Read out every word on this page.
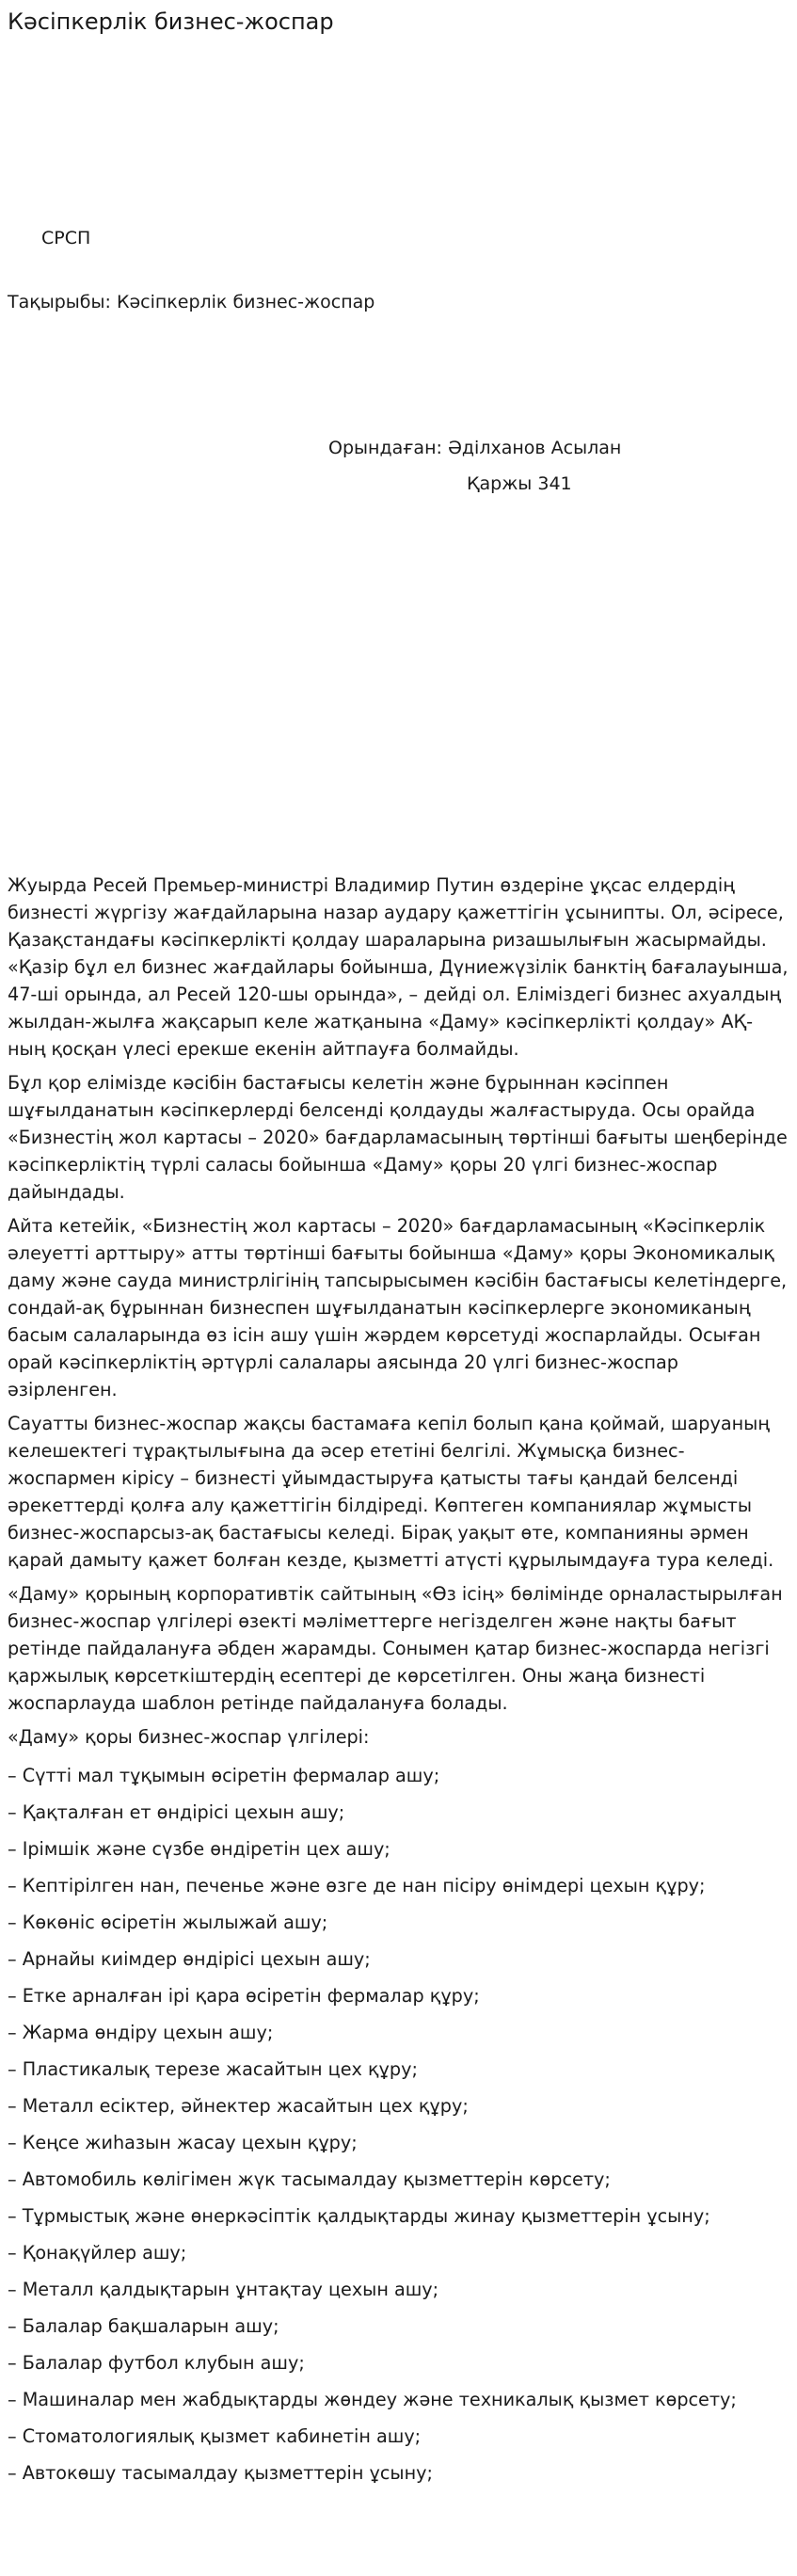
Кәсіпкерлік бизнес-жоспар

СРСП

Тақырыбы: Кәсіпкерлік бизнес-жоспар

Орындаған: Әділханов Асылан

Қаржы 341

Жуырда Ресей Премьер-министрі Владимир Путин өздеріне ұқсас елдердің бизнесті жүргізу жағдайларына назар аудару қажеттігін ұсынипты. Ол, әсіресе, Қазақстандағы кәсіпкерлікті қолдау шараларына ризашылығын жасырмайды. «Қазір бұл ел бизнес жағдайлары бойынша, Дүниежүзілік банктің бағалауынша, 47-ші орында, ал Ресей 120-шы орында», – дейді ол. Еліміздегі бизнес ахуалдың жылдан-жылға жақсарып келе жатқанына «Даму» кәсіпкерлікті қолдау» АҚ-ның қосқан үлесі ерекше екенін айтпауға болмайды.

Бұл қор елімізде кәсібін бастағысы келетін және бұрыннан кәсіппен шұғылданатын кәсіпкерлерді белсенді қолдауды жалғастыруда. Осы орайда «Бизнестің жол картасы – 2020» бағдарламасының төртінші бағыты шеңберінде кәсіпкерліктің түрлі саласы бойынша «Даму» қоры 20 үлгі бизнес-жоспар дайындады.

Айта кетейік, «Бизнестің жол картасы – 2020» бағдарламасының «Кәсіпкерлік әлеуетті арттыру» атты төртінші бағыты бойынша «Даму» қоры Экономикалық даму және сауда министрлігінің тапсырысымен кәсібін бастағысы келетіндерге, сондай-ақ бұрыннан бизнеспен шұғылданатын кәсіпкерлерге экономиканың басым салаларында өз ісін ашу үшін жәрдем көрсетуді жоспарлайды. Осыған орай кәсіпкерліктің әртүрлі салалары аясында 20 үлгі бизнес-жоспар әзірленген.

Сауатты бизнес-жоспар жақсы бастамаға кепіл болып қана қоймай, шаруаның келешектегі тұрақтылығына да әсер ететіні белгілі. Жұмысқа бизнес-жоспармен кірісу – бизнесті ұйымдастыруға қатысты тағы қандай белсенді әрекеттерді қолға алу қажеттігін білдіреді. Көптеген компаниялар жұмысты бизнес-жоспарсыз-ақ бастағысы келеді. Бірақ уақыт өте, компанияны әрмен қарай дамыту қажет болған кезде, қызметті атүсті құрылымдауға тура келеді.

«Даму» қорының корпоративтік сайтының «Өз ісің» бөлімінде орналастырылған бизнес-жоспар үлгілері өзекті мәліметтерге негізделген және нақты бағыт ретінде пайдалануға әбден жарамды. Сонымен қатар бизнес-жоспарда негізгі қаржылық көрсеткіштердің есептері де көрсетілген. Оны жаңа бизнесті жоспарлауда шаблон ретінде пайдалануға болады.

«Даму» қоры бизнес-жоспар үлгілері:

– Сүтті мал тұқымын өсіретін фермалар ашу;
– Қақталған ет өндірісі цехын ашу;
– Ірімшік және сүзбе өндіретін цех ашу;
– Кептірілген нан, печенье және өзге де нан пісіру өнімдері цехын құру;
– Көкөніс өсіретін жылыжай ашу;
– Арнайы киімдер өндірісі цехын ашу;
– Етке арналған ірі қара өсіретін фермалар құру;
– Жарма өндіру цехын ашу;
– Пластикалық терезе жасайтын цех құру;
– Металл есіктер, әйнектер жасайтын цех құру;
– Кеңсе жиһазын жасау цехын құру;
– Автомобиль көлігімен жүк тасымалдау қызметтерін көрсету;
– Тұрмыстық және өнеркәсіптік қалдықтарды жинау қызметтерін ұсыну;
– Қонақүйлер ашу;
– Металл қалдықтарын ұнтақтау цехын ашу;
– Балалар бақшаларын ашу;
– Балалар футбол клубын ашу;
– Машиналар мен жабдықтарды жөндеу және техникалық қызмет көрсету;
– Стоматологиялық қызмет кабинетін ашу;
– Автокөшу тасымалдау қызметтерін ұсыну;
